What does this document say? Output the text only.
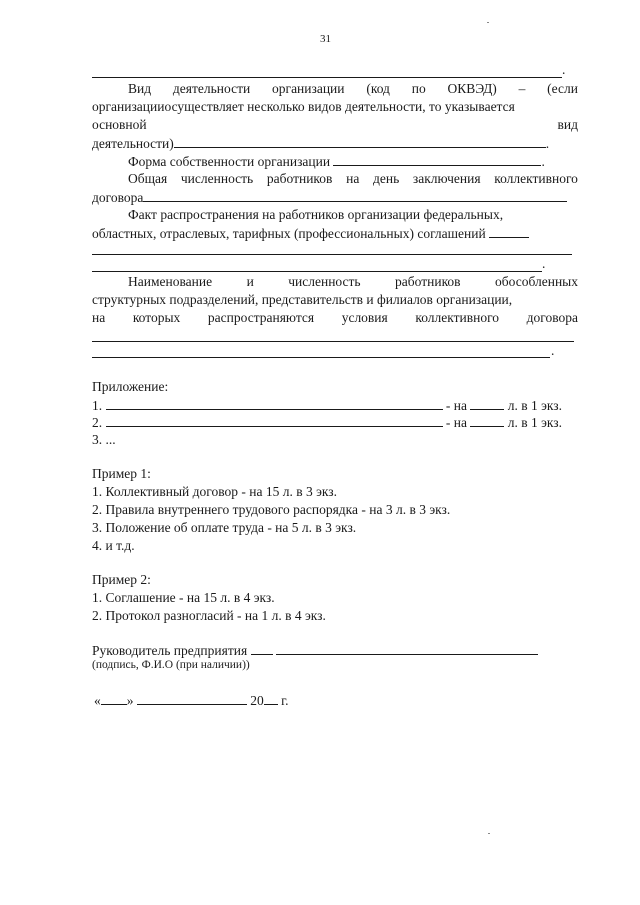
31
.
Вид деятельности организации (код по ОКВЭД) – (если
организацииосуществляет несколько видов деятельности, то указывается
основной	вид
деятельности)	.
Форма собственности организации	.
Общая численность работников на день заключения коллективного
договора
Факт распространения на работников организации федеральных,
областных, отраслевых, тарифных (профессиональных) соглашений
.
Наименование	и	численность	работников	обособленных
структурных подразделений, представительств и филиалов организации,
на которых распространяются условия коллективного договора
.
Приложение:
1.	- на	л. в 1 экз.
2.	- на	л. в 1 экз.
3. ...
Пример 1:
1. Коллективный договор - на 15 л. в 3 экз.
2. Правила внутреннего трудового распорядка - на 3 л. в 3 экз.
3. Положение об оплате труда - на 5 л. в 3 экз.
4. и т.д.
Пример 2:
1. Соглашение - на 15 л. в 4 экз.
2. Протокол разногласий - на 1 л. в 4 экз.
Руководитель предприятия
(подпись, Ф.И.О (при наличии))
« »	20 г.
